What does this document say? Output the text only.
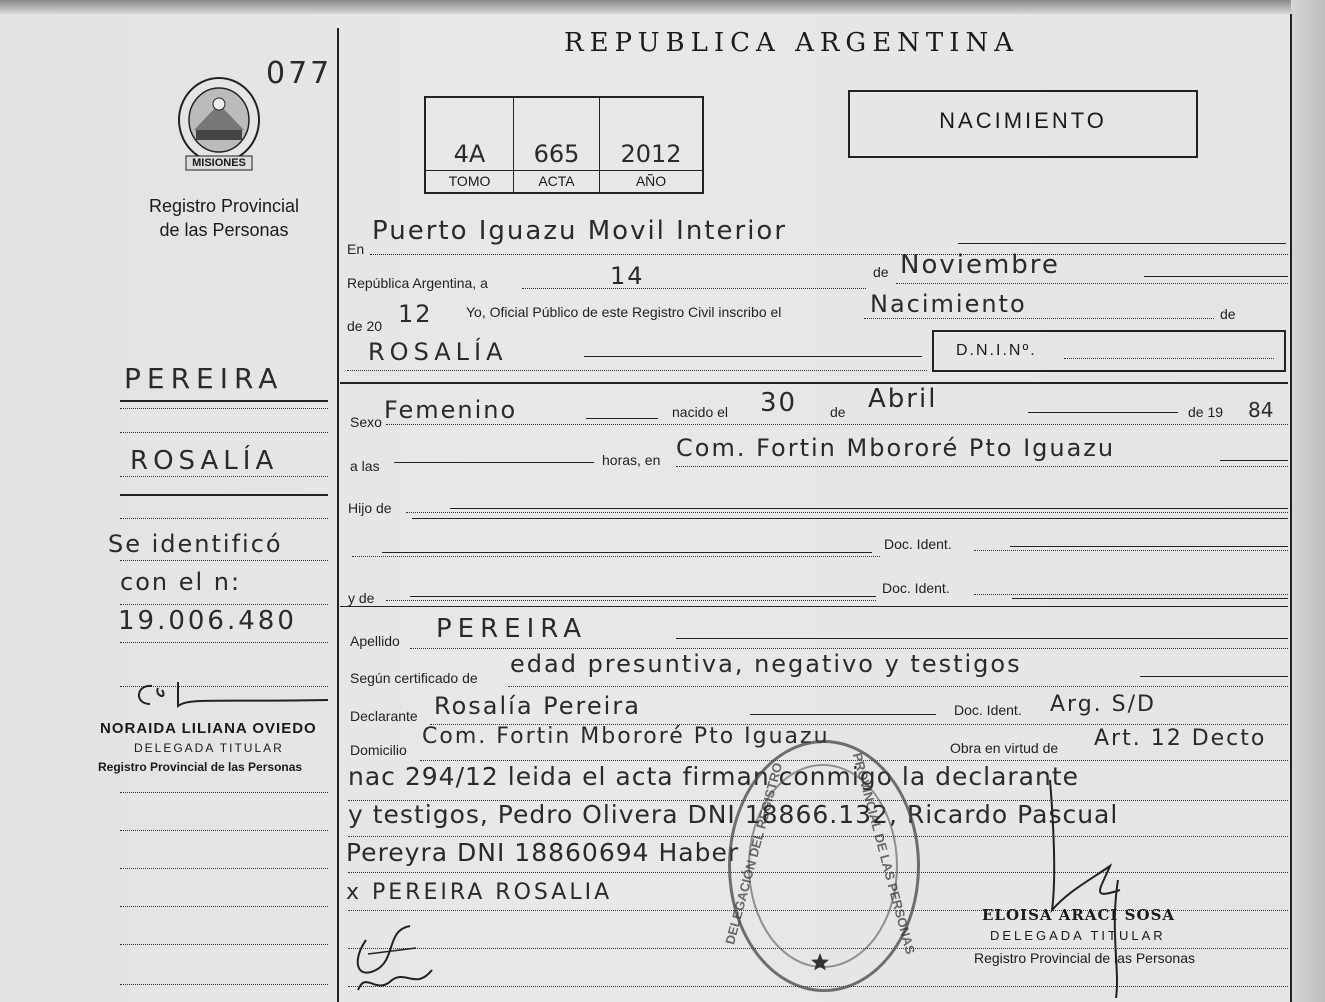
MISIONES
077
Registro Provincial
de las Personas
REPUBLICA ARGENTINA
4A	665	2012
TOMO	ACTA	AÑO
NACIMIENTO
En
Puerto Iguazu Movil Interior
República Argentina, a	14	de Noviembre
de 20 12 Yo, Oficial Público de este Registro Civil inscribo el	Nacimiento	de
ROSALÍA	D.N.I.Nº.
Sexo Femenino	nacido el 30 de Abril	de 19 84
a las	horas, en Com. Fortin Mbororé Pto Iguazu
Hijo de
Doc. Ident.
y de
Doc. Ident.
Apellido PEREIRA
Según certificado de edad presuntiva, negativo y testigos
Declarante Rosalía Pereira	Doc. Ident. Arg. S/D
Domicilio
Com. Fortin Mbororé Pto Iguazu	Obra en virtud de Art. 12 Decto
nac 294/12 leida el acta firman conmigo la declarante
y testigos, Pedro Olivera DNI 18866.132, Ricardo Pascual
Pereyra DNI 18860694 Haber
x PEREIRA ROSALIA
PEREIRA
ROSALÍA
Se identificó
con el n:
19.006.480
NORAIDA LILIANA OVIEDO
DELEGADA TITULAR
Registro Provincial de las Personas	DELEGACIÓN DEL REGISTRO	PROVINCIAL DE LAS PERSONAS	ELOISA ARACI SOSA
DELEGADA TITULAR
Registro Provincial de las Personas
